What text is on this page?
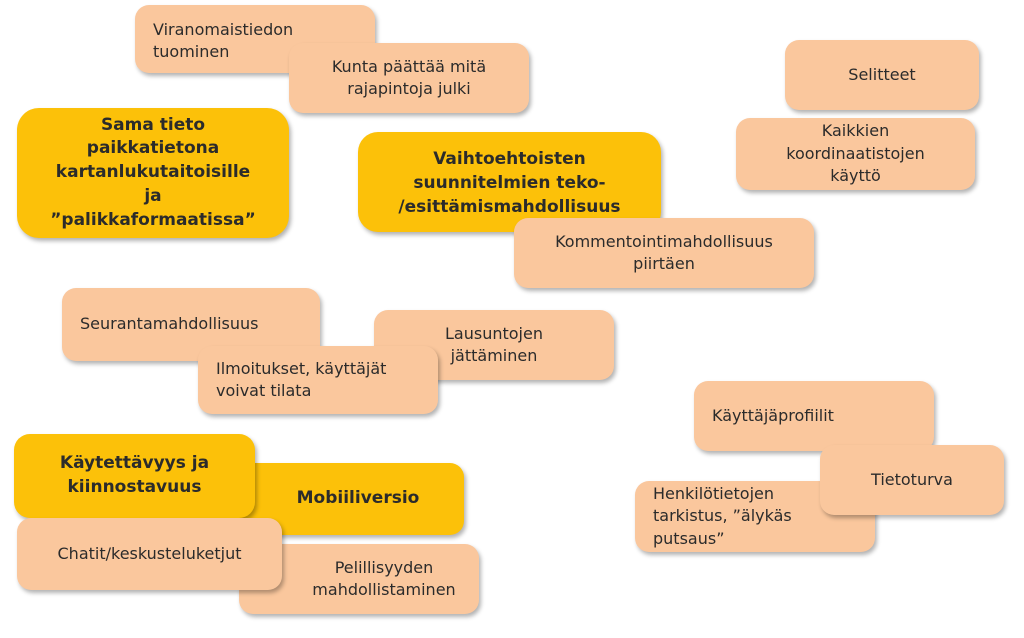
Viranomaistiedon
tuominen
Kunta päättää mitä
rajapintoja julki
Sama tieto
paikkatietona
kartanlukutaitoisille
ja
”palikkaformaatissa”
Vaihtoehtoisten
suunnitelmien teko-
/esittämismahdollisuus
Kommentointimahdollisuus
piirtäen
Selitteet
Kaikkien
koordinaatistojen
käyttö
Seurantamahdollisuus	Lausuntojen
jättäminen
Ilmoitukset, käyttäjät
voivat tilata
Mobiiliversio
Käytettävyys ja
kiinnostavuus
Pelillisyyden
mahdollistaminen
Chatit/keskusteluketjut
Käyttäjäprofiilit
Henkilötietojen
tarkistus, ”älykäs
putsaus”
Tietoturva
